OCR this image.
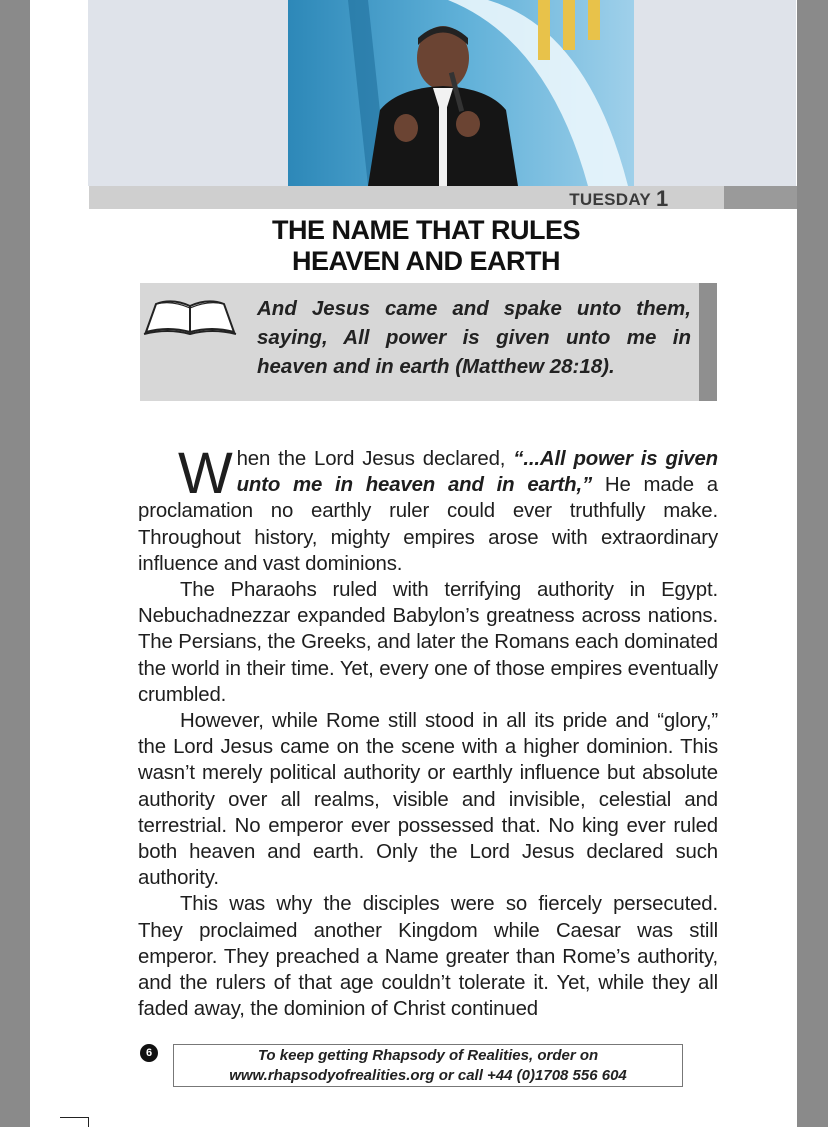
TUESDAY 1
THE NAME THAT RULES
HEAVEN AND EARTH
And Jesus came and spake unto them, saying, All power is given unto me in heaven and in earth (Matthew 28:18).

When the Lord Jesus declared, “...All power is given unto me in heaven and in earth,” He made a proclamation no earthly ruler could ever truthfully make. Throughout history, mighty empires arose with extraordinary influence and vast dominions.

The Pharaohs ruled with terrifying authority in Egypt. Nebuchadnezzar expanded Babylon’s greatness across nations. The Persians, the Greeks, and later the Romans each dominated the world in their time. Yet, every one of those empires eventually crumbled.

However, while Rome still stood in all its pride and “glory,” the Lord Jesus came on the scene with a higher dominion. This wasn’t merely political authority or earthly influence but absolute authority over all realms, visible and invisible, celestial and terrestrial. No emperor ever possessed that. No king ever ruled both heaven and earth. Only the Lord Jesus declared such authority.

This was why the disciples were so fiercely persecuted. They proclaimed another Kingdom while Caesar was still emperor. They preached a Name greater than Rome’s authority, and the rulers of that age couldn’t tolerate it. Yet, while they all faded away, the dominion of Christ continued

6	To keep getting Rhapsody of Realities, order on
www.rhapsodyofrealities.org or call +44 (0)1708 556 604
